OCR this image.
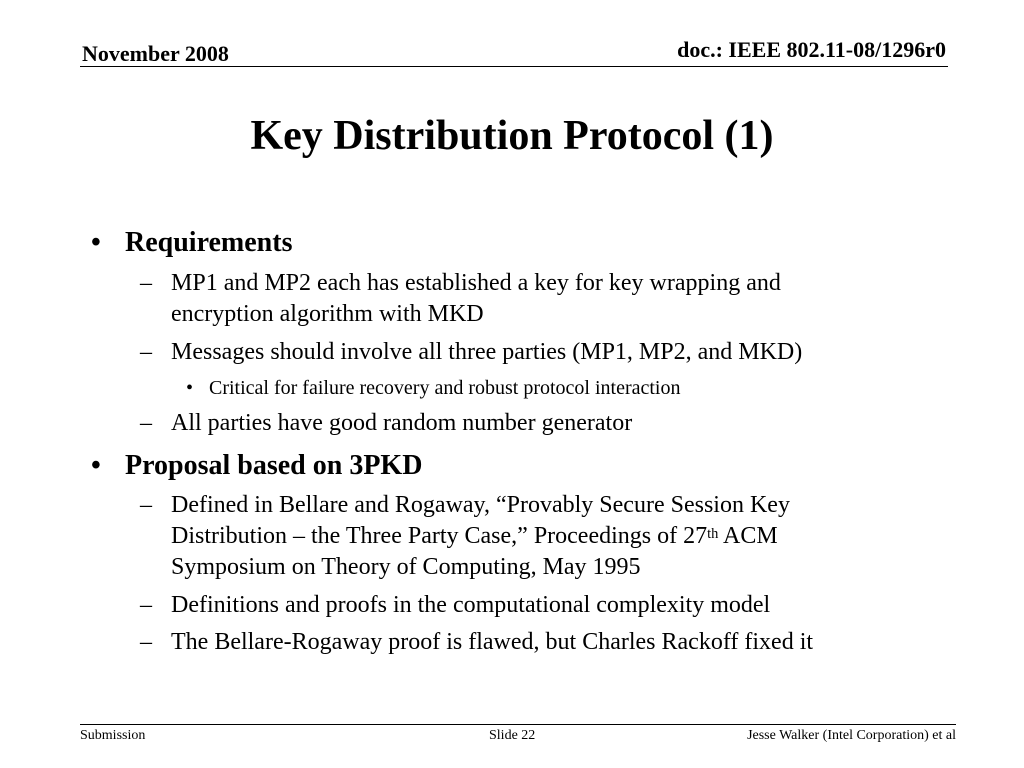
November 2008	doc.: IEEE 802.11-08/1296r0
Key Distribution Protocol (1)
• Requirements
– MP1 and MP2 each has established a key for key wrapping and
encryption algorithm with MKD
– Messages should involve all three parties (MP1, MP2, and MKD)
• Critical for failure recovery and robust protocol interaction
– All parties have good random number generator
• Proposal based on 3PKD
– Defined in Bellare and Rogaway, “Provably Secure Session Key
Distribution – the Three Party Case,” Proceedings of 27th ACM
Symposium on Theory of Computing, May 1995
– Definitions and proofs in the computational complexity model
– The Bellare-Rogaway proof is flawed, but Charles Rackoff fixed it
Submission	Slide 22	Jesse Walker (Intel Corporation) et al
